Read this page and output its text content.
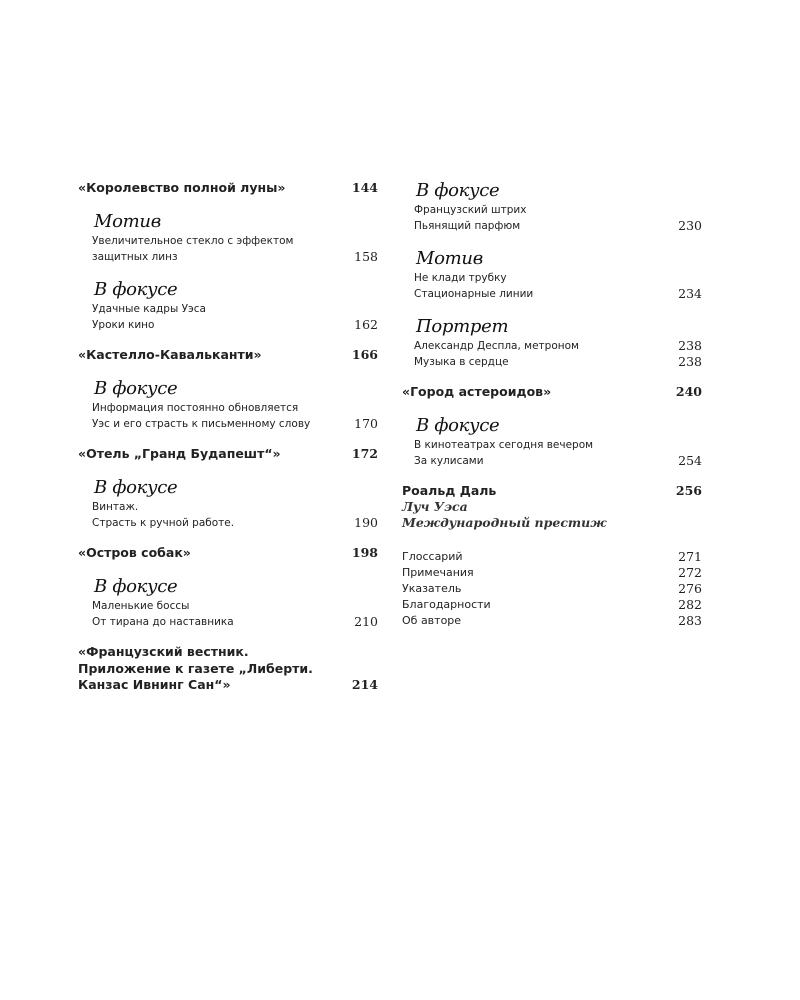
«Королевство полной луны»	144
Мотив
Увеличительное стекло с эффектом защитных линз	158
В фокусе
Удачные кадры Уэса
Уроки кино	162
«Кастелло-Кавальканти»	166
В фокусе
Информация постоянно обновляется
Уэс и его страсть к письменному слову	170
«Отель „Гранд Будапешт“»	172
В фокусе
Винтаж.
Страсть к ручной работе.	190
«Остров собак»	198
В фокусе
Маленькие боссы
От тирана до наставника	210
«Французский вестник.
Приложение к газете „Либерти.
Канзас Ивнинг Сан“»	214
В фокусе
Французский штрих
Пьянящий парфюм	230
Мотив
Не клади трубку
Стационарные линии	234
Портрет
Александр Деспла, метроном	238
Музыка в сердце	238
«Город астероидов»	240
В фокусе
В кинотеатрах сегодня вечером
За кулисами	254
Роальд Даль	256
Луч Уэса
Международный престиж
Глоссарий	271
Примечания	272
Указатель	276
Благодарности	282
Об авторе	283
